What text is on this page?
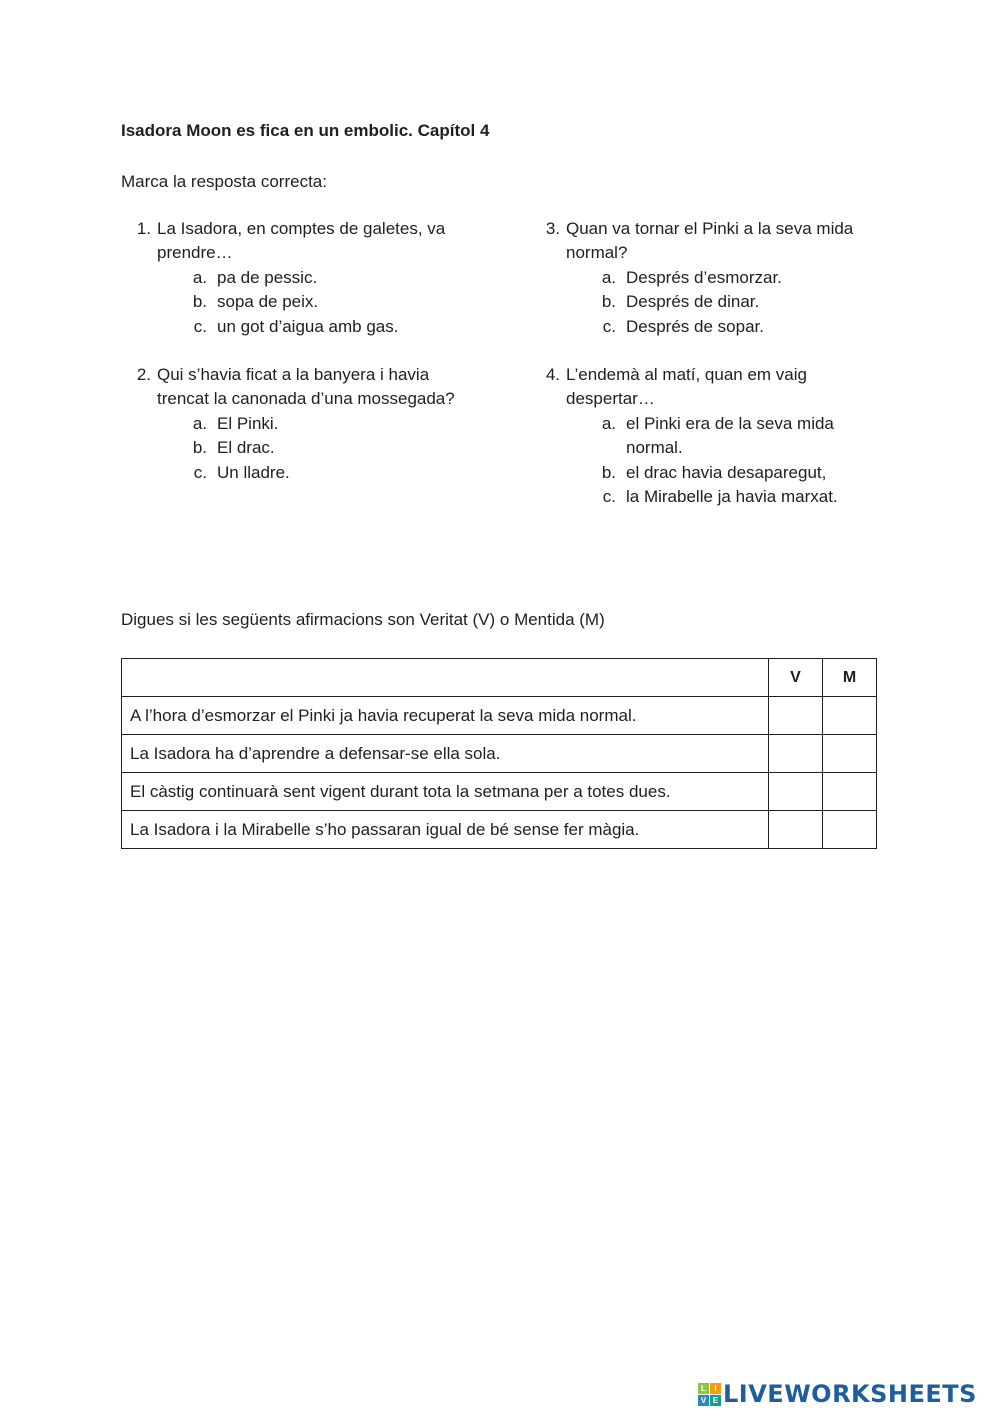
Isadora Moon es fica en un embolic. Capítol 4
Marca la resposta correcta:
1. La Isadora, en comptes de galetes, va prendre…
a. pa de pessic.
b. sopa de peix.
c. un got d’aigua amb gas.
2. Qui s’havia ficat a la banyera i havia trencat la canonada d’una mossegada?
a. El Pinki.
b. El drac.
c. Un lladre.
3. Quan va tornar el Pinki a la seva mida normal?
a. Després d’esmorzar.
b. Després de dinar.
c. Després de sopar.
4. L’endemà al matí, quan em vaig despertar…
a. el Pinki era de la seva mida normal.
b. el drac havia desaparegut,
c. la Mirabelle ja havia marxat.
Digues si les següents afirmacions son Veritat (V) o Mentida (M)
	V	M
A l’hora d’esmorzar el Pinki ja havia recuperat la seva mida normal.		
La Isadora ha d’aprendre a defensar-se ella sola.		
El càstig continuarà sent vigent durant tota la setmana per a totes dues.		
La Isadora i la Mirabelle s’ho passaran igual de bé sense fer màgia.		
L	I
V E LIVEWORKSHEETS
